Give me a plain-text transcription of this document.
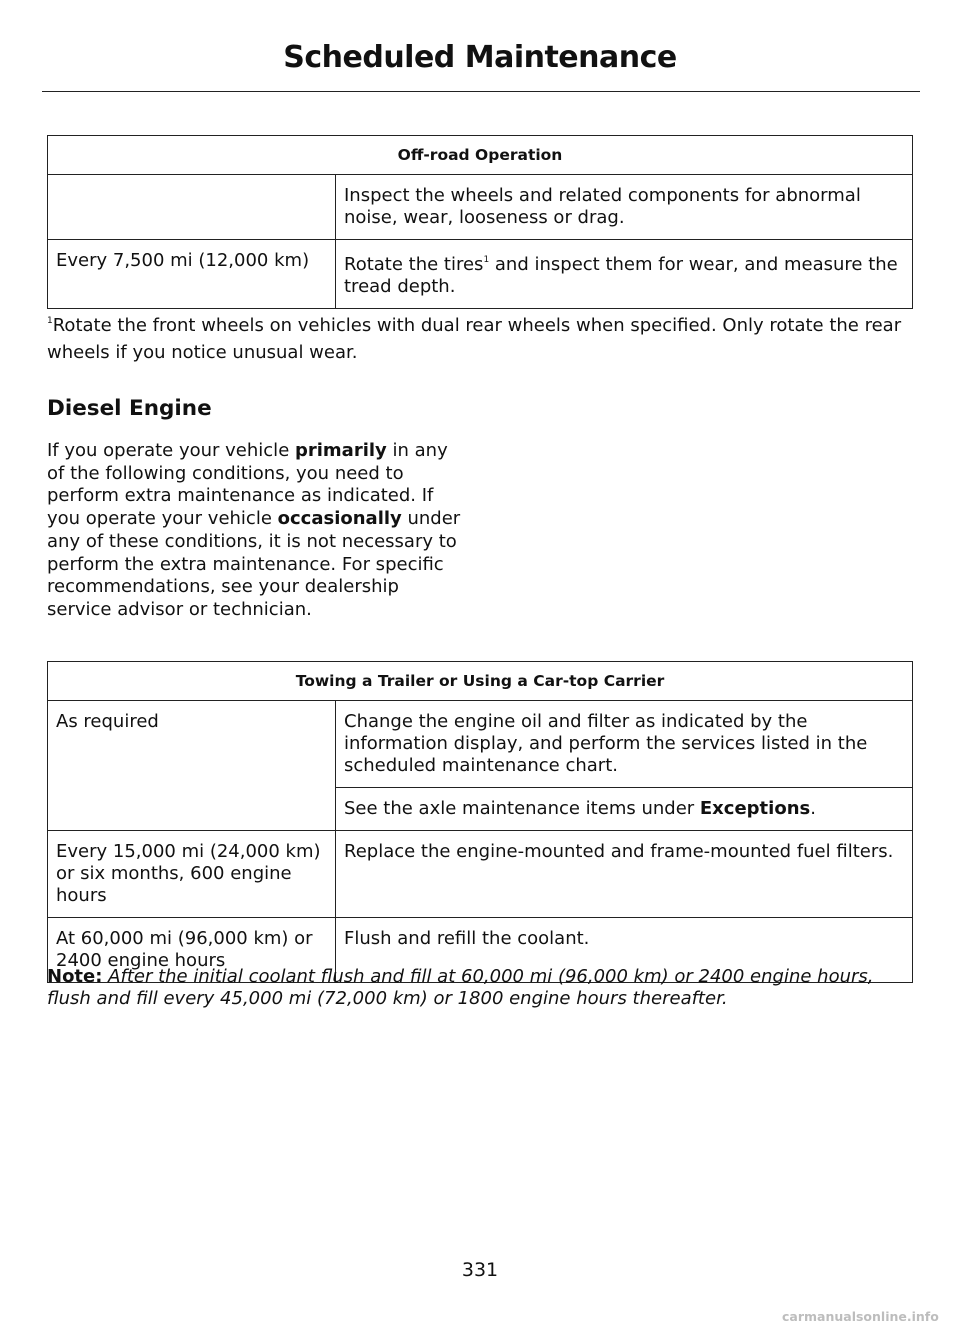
Scheduled Maintenance
Off-road Operation	
	Inspect the wheels and related components for abnormal noise, wear, looseness or drag.
Every 7,500 mi (12,000 km)	Rotate the tires$^1$ and inspect them for wear, and measure the tread depth.
$^1$Rotate the front wheels on vehicles with dual rear wheels when specified. Only rotate the rear wheels if you notice unusual wear.
Diesel Engine
If you operate your vehicle primarily in any of the following conditions, you need to perform extra maintenance as indicated. If you operate your vehicle occasionally under any of these conditions, it is not necessary to perform the extra maintenance. For specific recommendations, see your dealership service advisor or technician.
Towing a Trailer or Using a Car-top Carrier	
As required	Change the engine oil and filter as indicated by the information display, and perform the services listed in the scheduled maintenance chart.
	See the axle maintenance items under Exceptions.
Every 15,000 mi (24,000 km) or six months, 600 engine hours	Replace the engine-mounted and frame-mounted fuel filters.
At 60,000 mi (96,000 km) or 2400 engine hours	Flush and refill the coolant.
Note: After the initial coolant flush and fill at 60,000 mi (96,000 km) or 2400 engine hours, flush and fill every 45,000 mi (72,000 km) or 1800 engine hours thereafter.
331
carmanualsonline.info
